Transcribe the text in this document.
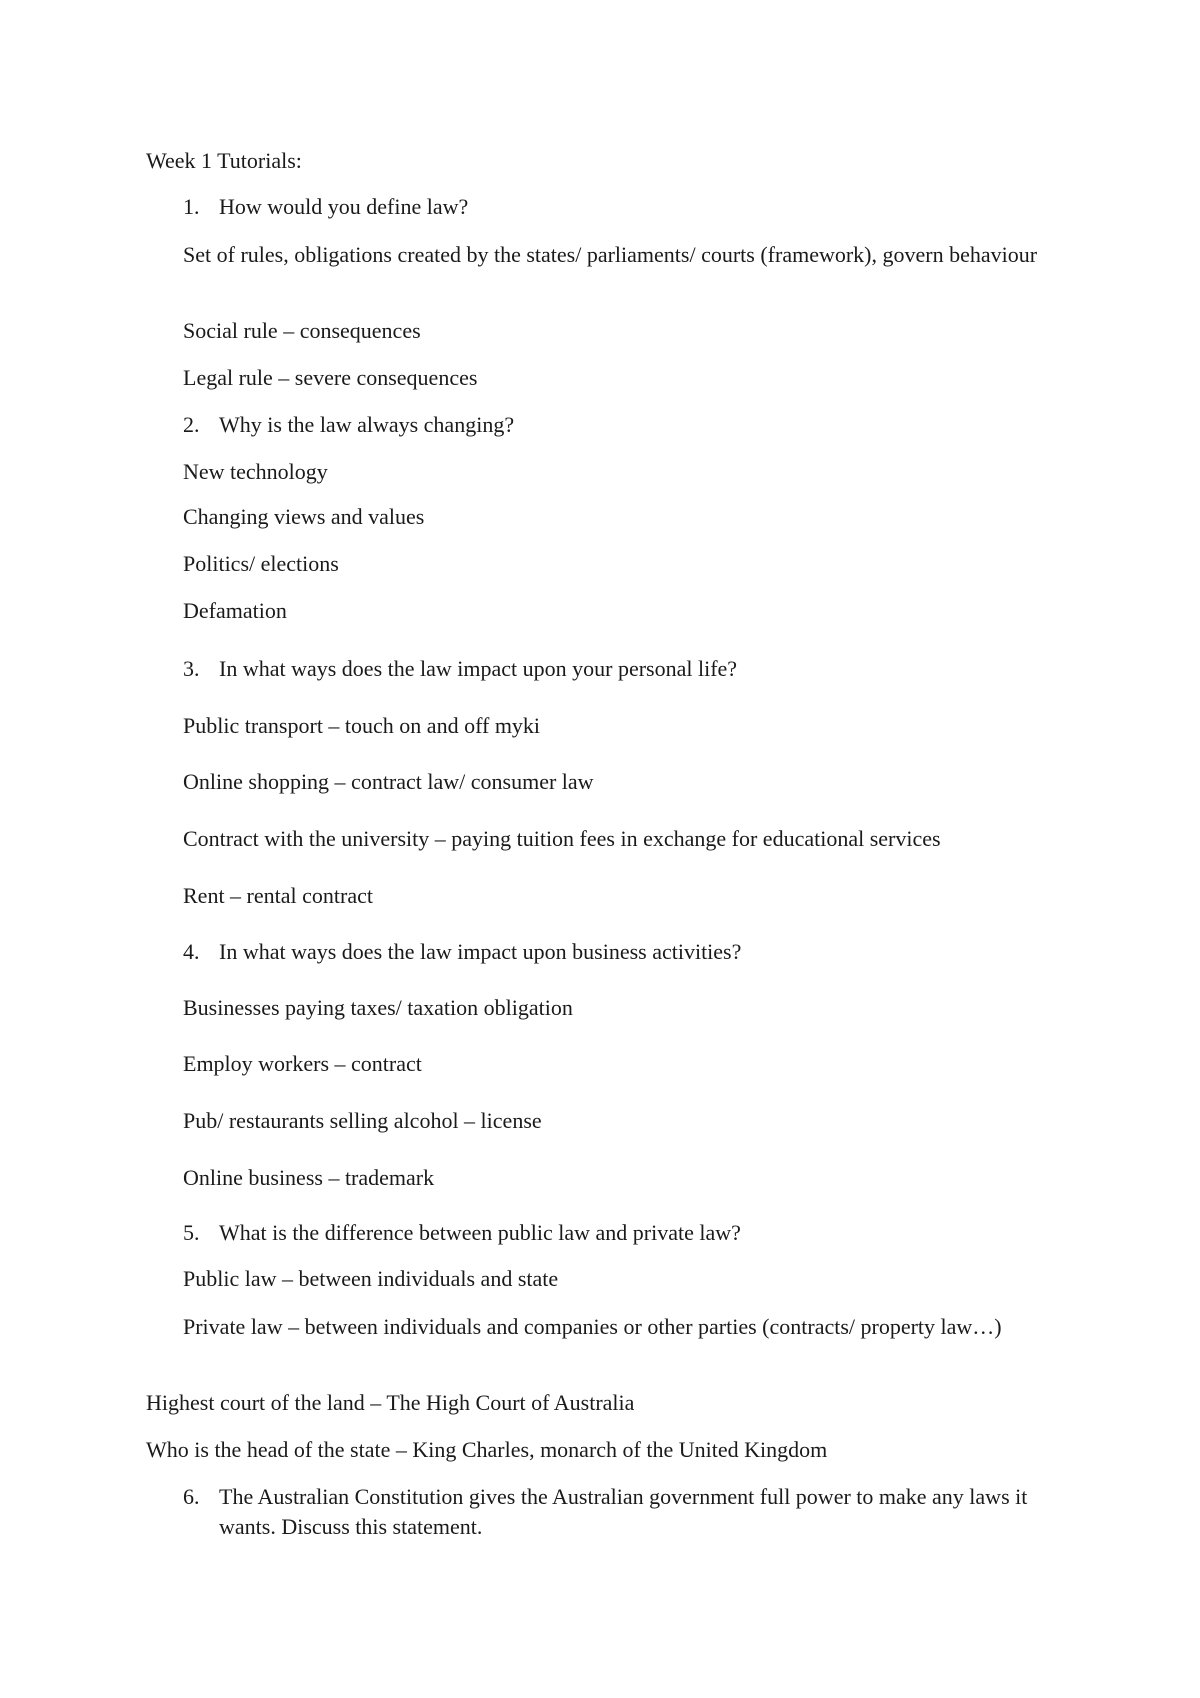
Week 1 Tutorials:
1. How would you define law?
Set of rules, obligations created by the states/ parliaments/ courts (framework), govern behaviour
Social rule – consequences
Legal rule – severe consequences
2. Why is the law always changing?
New technology
Changing views and values
Politics/ elections
Defamation
3. In what ways does the law impact upon your personal life?
Public transport – touch on and off myki
Online shopping – contract law/ consumer law
Contract with the university – paying tuition fees in exchange for educational services
Rent – rental contract
4. In what ways does the law impact upon business activities?
Businesses paying taxes/ taxation obligation
Employ workers – contract
Pub/ restaurants selling alcohol – license
Online business – trademark
5. What is the difference between public law and private law?
Public law – between individuals and state
Private law – between individuals and companies or other parties (contracts/ property law…)
Highest court of the land – The High Court of Australia
Who is the head of the state – King Charles, monarch of the United Kingdom
6. The Australian Constitution gives the Australian government full power to make any laws it wants. Discuss this statement.
